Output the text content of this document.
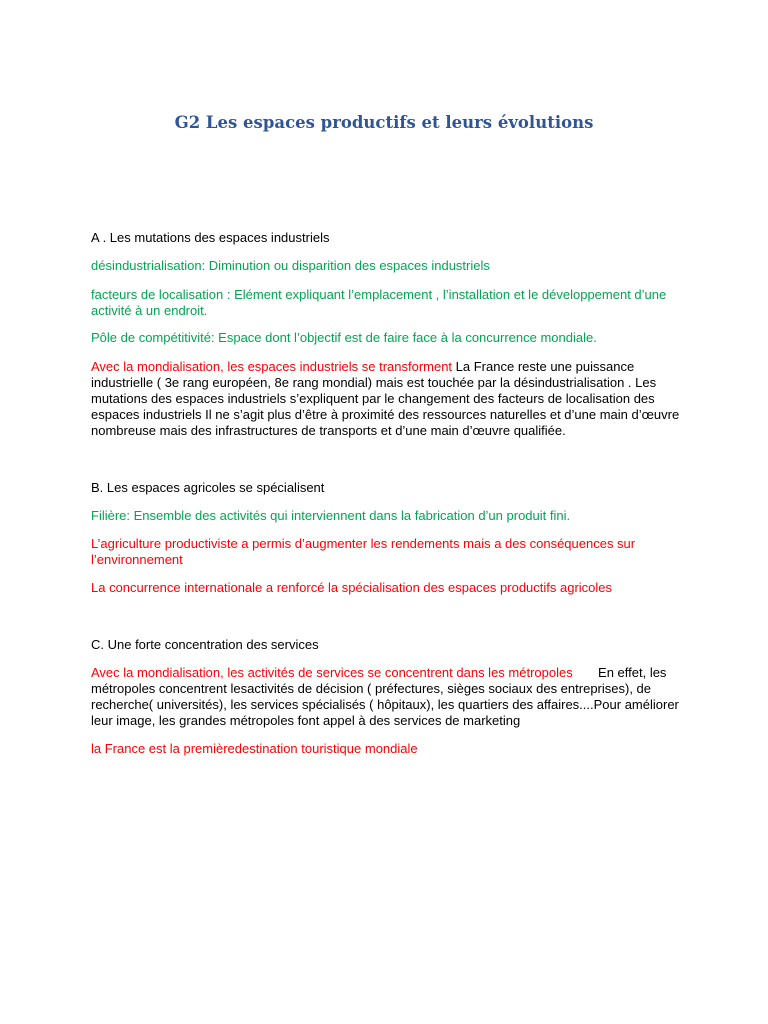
G2 Les espaces productifs et leurs évolutions

A . Les mutations des espaces industriels

désindustrialisation: Diminution ou disparition des espaces industriels

facteurs de localisation : Elément expliquant l’emplacement , l’installation et le développement d’une activité à un endroit.

Pôle de compétitivité: Espace dont l’objectif est de faire face à la concurrence mondiale.

Avec la mondialisation, les espaces industriels se transforment La France reste une puissance industrielle ( 3e rang européen, 8e rang mondial) mais est touchée par la désindustrialisation . Les mutations des espaces industriels s’expliquent par le changement des facteurs de localisation des espaces industriels Il ne s’agit plus d’être à proximité des ressources naturelles et d’une main d’œuvre nombreuse mais des infrastructures de transports et d’une main d’œuvre qualifiée.

B. Les espaces agricoles se spécialisent

Filière: Ensemble des activités qui interviennent dans la fabrication d’un produit fini.

L’agriculture productiviste a permis d’augmenter les rendements mais a des conséquences sur l’environnement

La concurrence internationale a renforcé la spécialisation des espaces productifs agricoles

C. Une forte concentration des services

Avec la mondialisation, les activités de services se concentrent dans les métropoles       En effet, les métropoles concentrent lesactivités de décision ( préfectures, sièges sociaux des entreprises), de recherche( universités), les services spécialisés ( hôpitaux), les quartiers des affaires....Pour améliorer leur image, les grandes métropoles font appel à des services de marketing

la France est la premièredestination touristique mondiale
